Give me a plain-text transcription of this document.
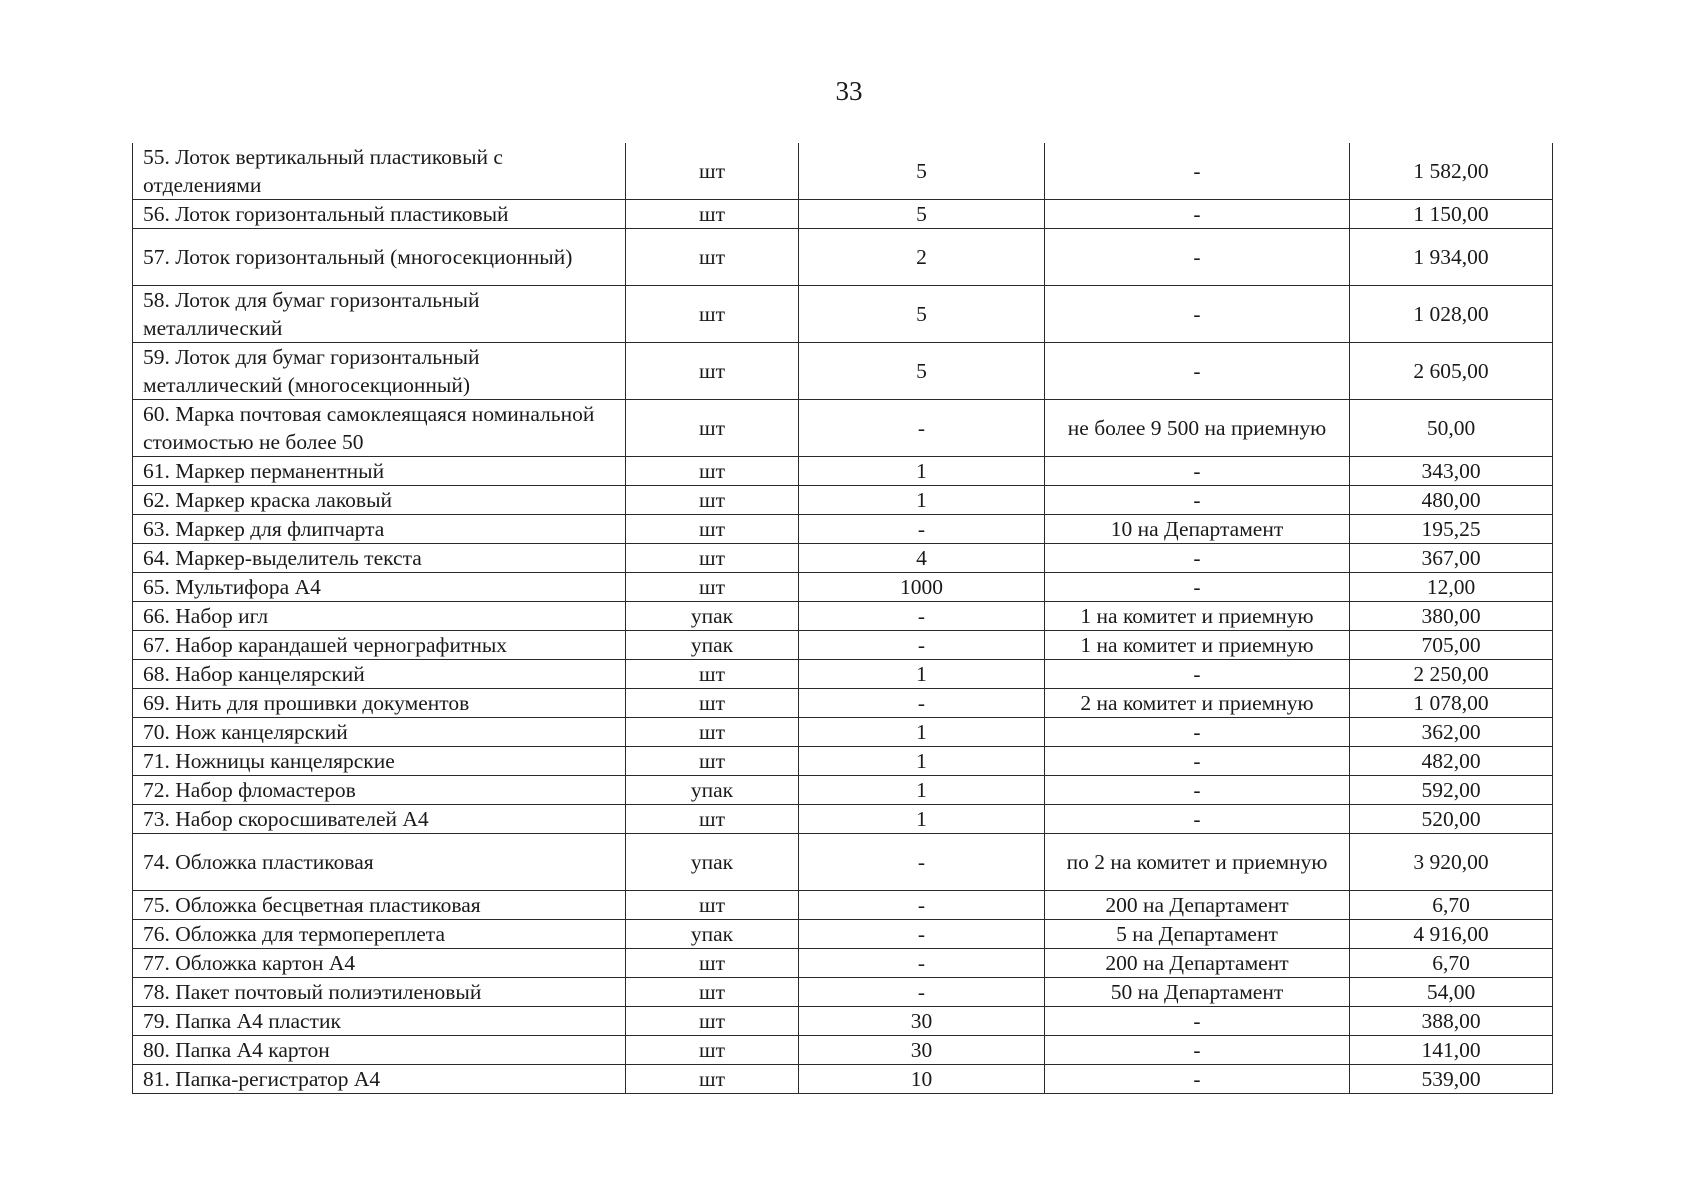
33
55. Лоток вертикальный пластиковый с отделениями	шт	5	-	1 582,00
56. Лоток горизонтальный пластиковый	шт	5	-	1 150,00
57. Лоток горизонтальный (многосекционный)	шт	2	-	1 934,00
58. Лоток для бумаг горизонтальный металлический	шт	5	-	1 028,00
59. Лоток для бумаг горизонтальный металлический (многосекционный)	шт	5	-	2 605,00
60. Марка почтовая самоклеящаяся номинальной стоимостью не более 50	шт	-	не более 9 500 на приемную	50,00
61. Маркер перманентный	шт	1	-	343,00
62. Маркер краска лаковый	шт	1	-	480,00
63. Маркер для флипчарта	шт	-	10 на Департамент	195,25
64. Маркер-выделитель текста	шт	4	-	367,00
65. Мультифора А4	шт	1000	-	12,00
66. Набор игл	упак	-	1 на комитет и приемную	380,00
67. Набор карандашей чернографитных	упак	-	1 на комитет и приемную	705,00
68. Набор канцелярский	шт	1	-	2 250,00
69. Нить для прошивки документов	шт	-	2 на комитет и приемную	1 078,00
70. Нож канцелярский	шт	1	-	362,00
71. Ножницы канцелярские	шт	1	-	482,00
72. Набор фломастеров	упак	1	-	592,00
73. Набор скоросшивателей А4	шт	1	-	520,00
74. Обложка пластиковая	упак	-	по 2 на комитет и приемную	3 920,00
75. Обложка бесцветная пластиковая	шт	-	200 на Департамент	6,70
76. Обложка для термопереплета	упак	-	5 на Департамент	4 916,00
77. Обложка картон А4	шт	-	200 на Департамент	6,70
78. Пакет почтовый полиэтиленовый	шт	-	50 на Департамент	54,00
79. Папка А4 пластик	шт	30	-	388,00
80. Папка А4 картон	шт	30	-	141,00
81. Папка-регистратор А4	шт	10	-	539,00
